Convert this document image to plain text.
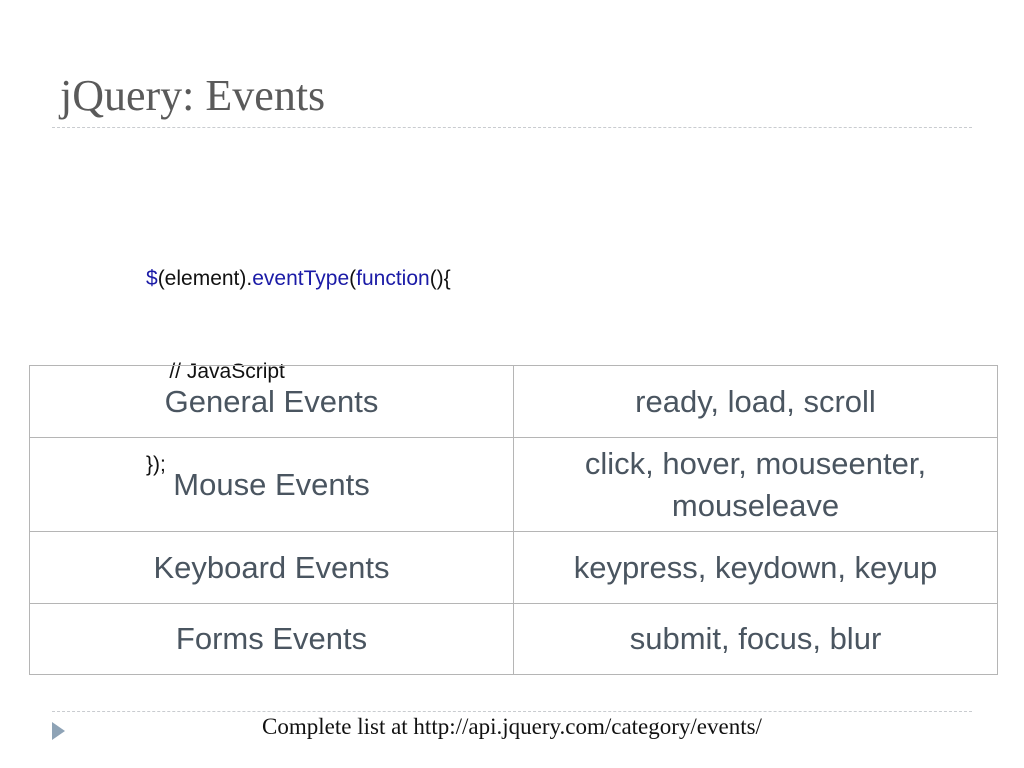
jQuery: Events

$(element).eventType(function(){

// JavaScript

});

General Events	ready, load, scroll
Mouse Events	click, hover, mouseenter, mouseleave
Keyboard Events	keypress, keydown, keyup
Forms Events	submit, focus, blur
Complete list at http://api.jquery.com/category/events/
